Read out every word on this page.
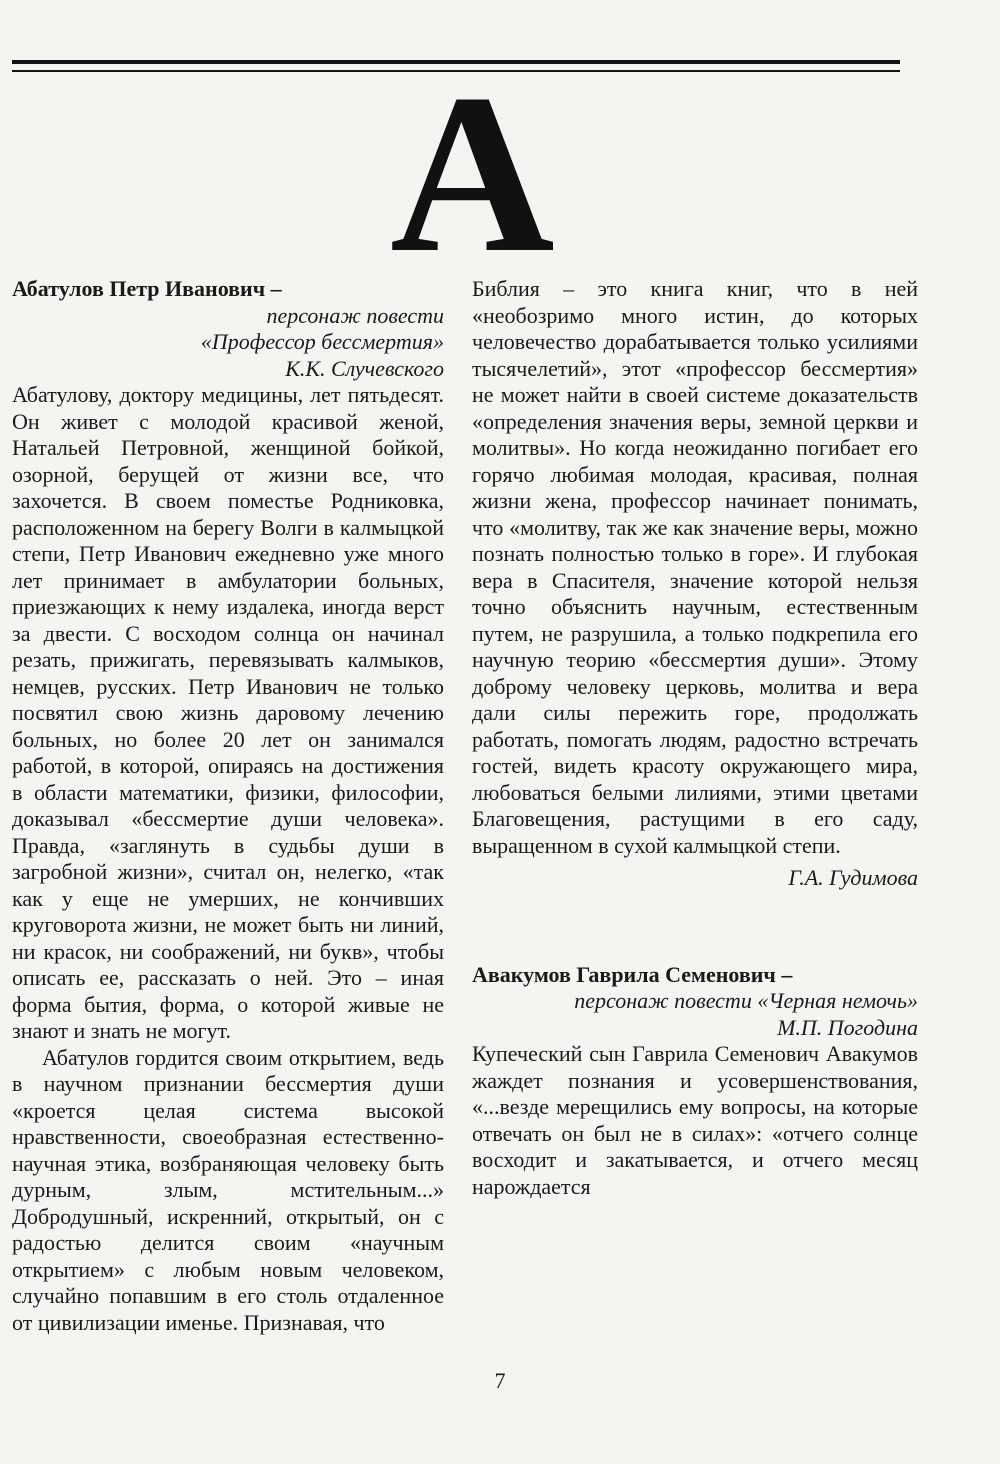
А
Абатулов Петр Иванович –
персонаж повести
«Профессор бессмертия»
К.К. Случевского

Абатулову, доктору медицины, лет пятьдесят. Он живет с молодой красивой женой, Натальей Петровной, женщиной бойкой, озорной, берущей от жизни все, что захочется. В своем поместье Родниковка, расположенном на берегу Волги в калмыцкой степи, Петр Иванович ежедневно уже много лет принимает в амбулатории больных, приезжающих к нему издалека, иногда верст за двести. С восходом солнца он начинал резать, прижигать, перевязывать калмыков, немцев, русских. Петр Иванович не только посвятил свою жизнь даровому лечению больных, но более 20 лет он занимался работой, в которой, опираясь на достижения в области математики, физики, философии, доказывал «бессмертие души человека». Правда, «заглянуть в судьбы души в загробной жизни», считал он, нелегко, «так как у еще не умерших, не кончивших круговорота жизни, не может быть ни линий, ни красок, ни соображений, ни букв», чтобы описать ее, рассказать о ней. Это – иная форма бытия, форма, о которой живые не знают и знать не могут.

Абатулов гордится своим открытием, ведь в научном признании бессмертия души «кроется целая система высокой нравственности, своеобразная естественно-научная этика, возбраняющая человеку быть дурным, злым, мстительным...» Добродушный, искренний, открытый, он с радостью делится своим «научным открытием» с любым новым человеком, случайно попавшим в его столь отдаленное от цивилизации именье. Признавая, что

Библия – это книга книг, что в ней «необозримо много истин, до которых человечество дорабатывается только усилиями тысячелетий», этот «профессор бессмертия» не может найти в своей системе доказательств «определения значения веры, земной церкви и молитвы». Но когда неожиданно погибает его горячо любимая молодая, красивая, полная жизни жена, профессор начинает понимать, что «молитву, так же как значение веры, можно познать полностью только в горе». И глубокая вера в Спасителя, значение которой нельзя точно объяснить научным, естественным путем, не разрушила, а только подкрепила его научную теорию «бессмертия души». Этому доброму человеку церковь, молитва и вера дали силы пережить горе, продолжать работать, помогать людям, радостно встречать гостей, видеть красоту окружающего мира, любоваться белыми лилиями, этими цветами Благовещения, растущими в его саду, выращенном в сухой калмыцкой степи.

Г.А. Гудимова
Авакумов Гаврила Семенович –
персонаж повести «Черная немочь»
М.П. Погодина

Купеческий сын Гаврила Семенович Авакумов жаждет познания и усовершенствования, «...везде мерещились ему вопросы, на которые отвечать он был не в силах»: «отчего солнце восходит и закатывается, и отчего месяц нарождается

7
